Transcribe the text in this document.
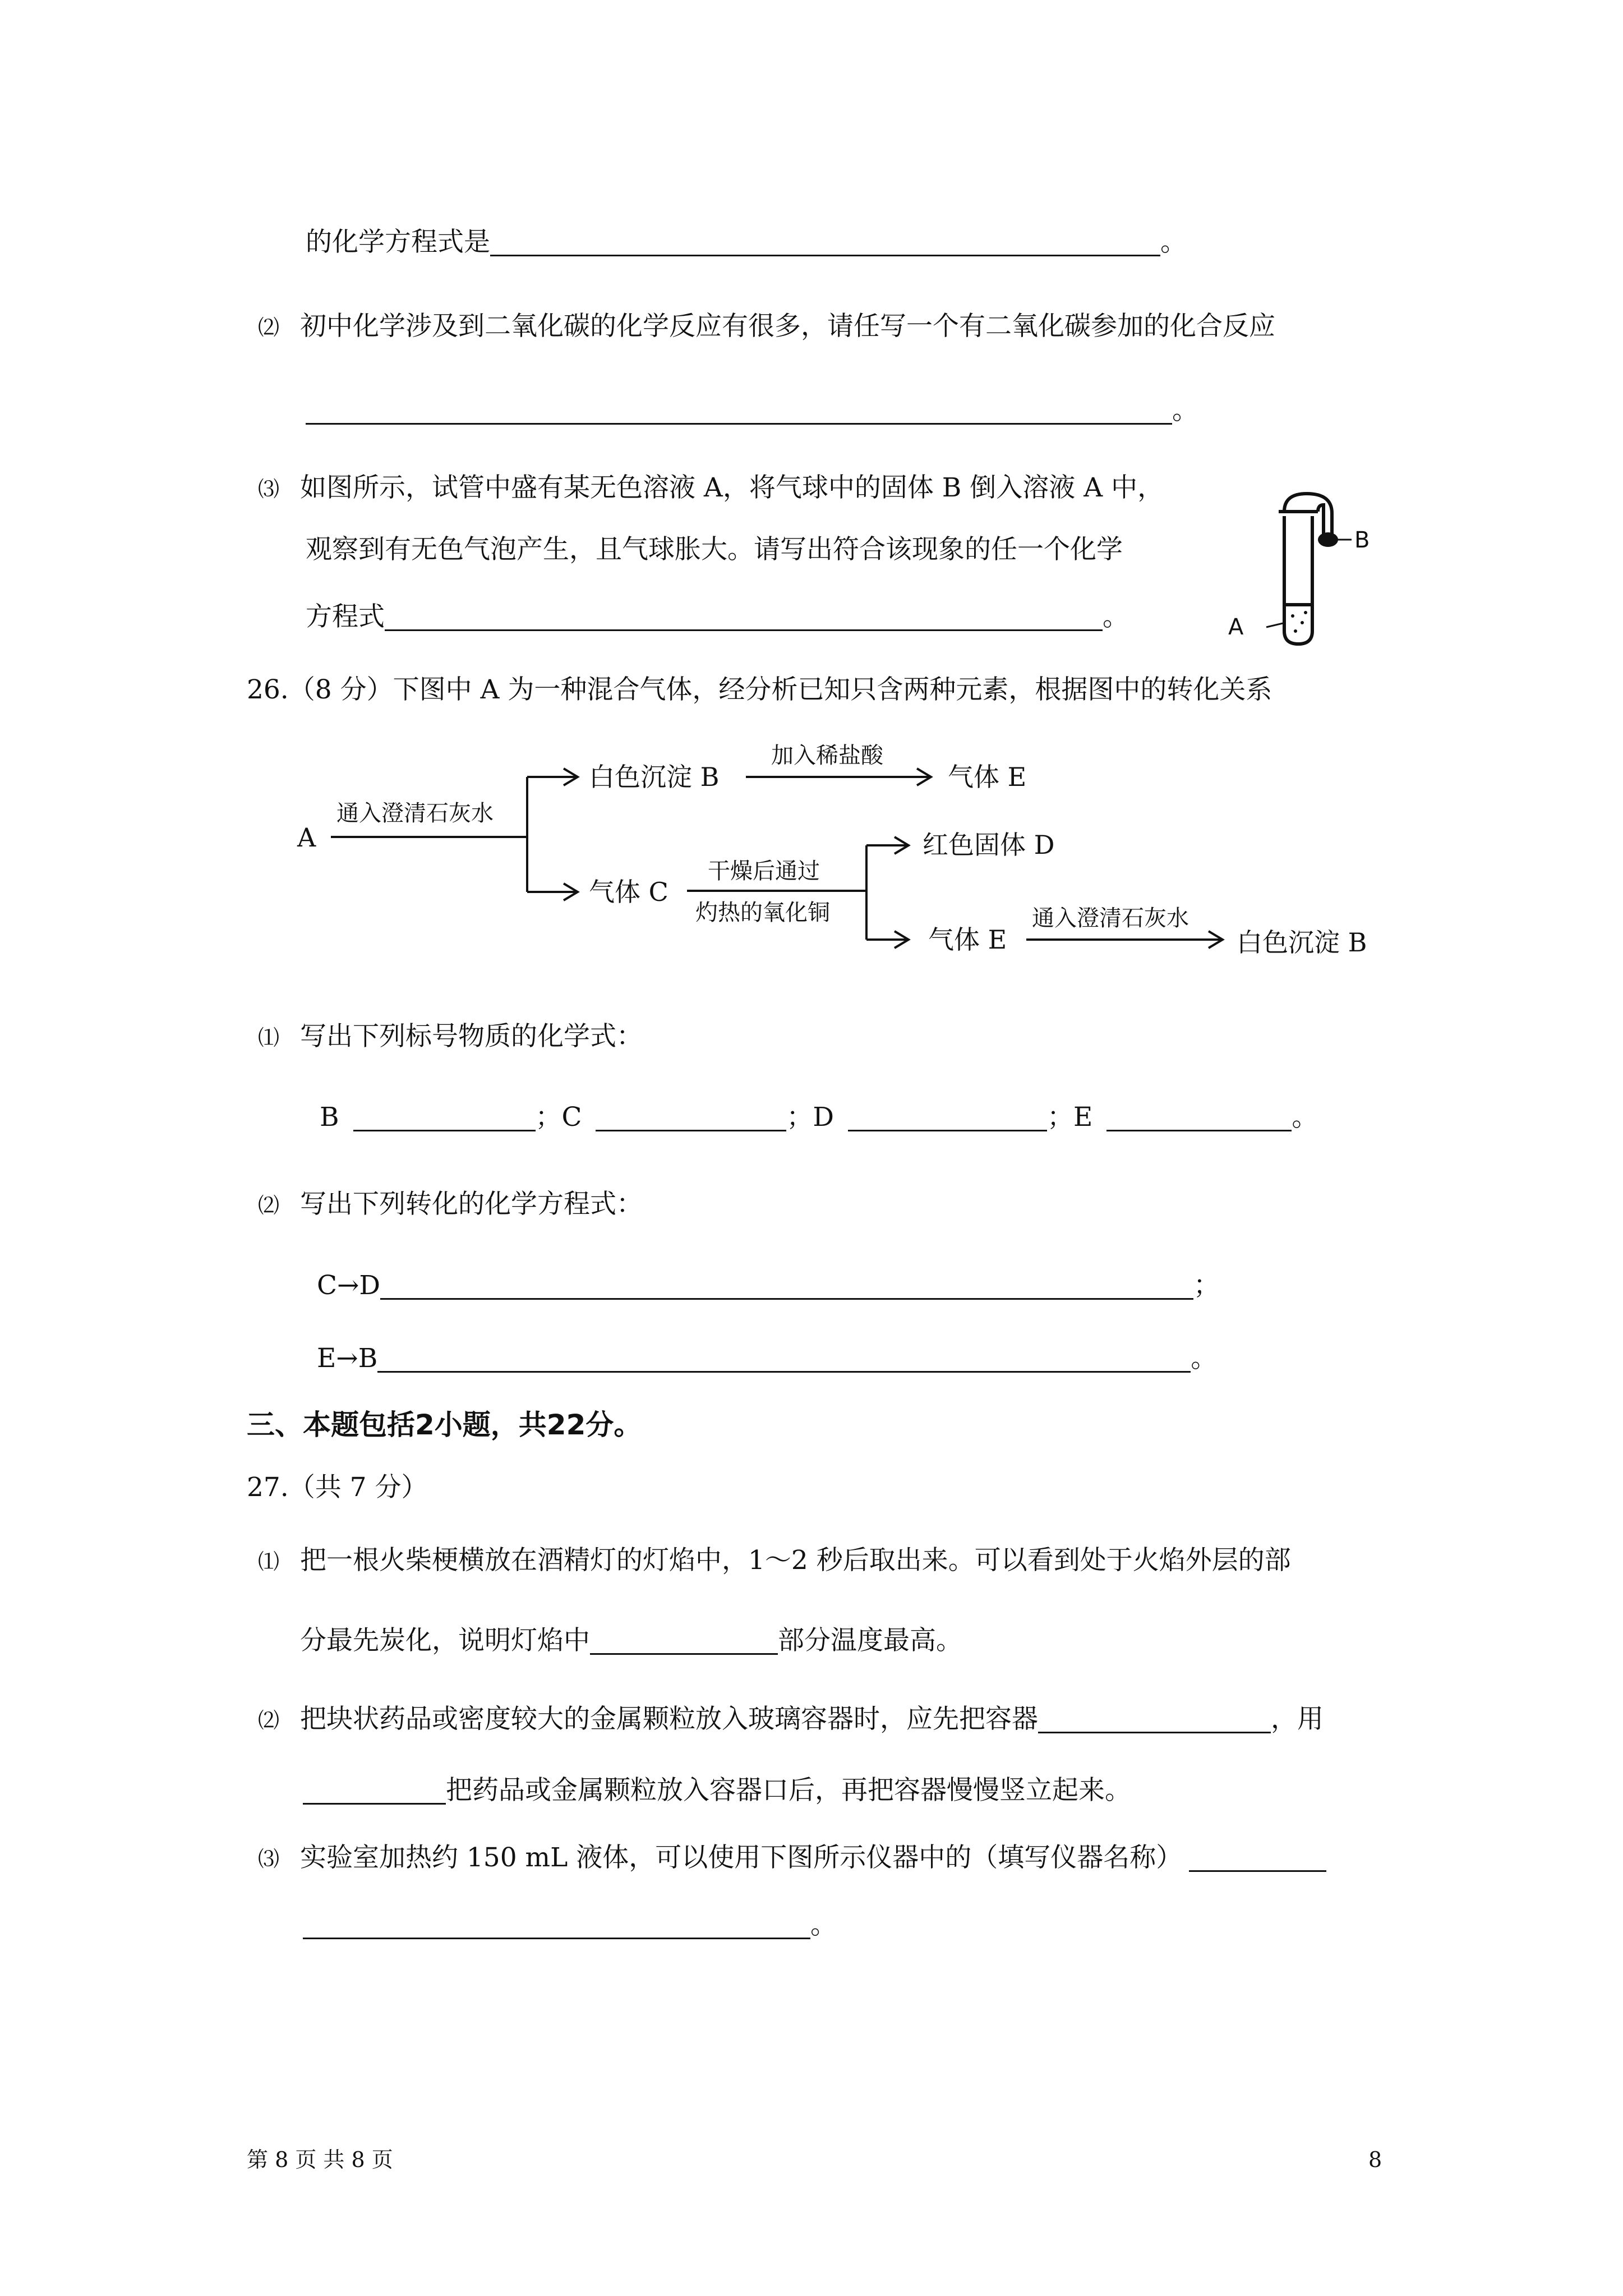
的化学方程式是	。
⑵ 初中化学涉及到二氧化碳的化学反应有很多，请任写一个有二氧化碳参加的化合反应
。
⑶ 如图所示，试管中盛有某无色溶液 A，将气球中的固体 B 倒入溶液 A 中，
观察到有无色气泡产生，且气球胀大。请写出符合该现象的任一个化学
方程式	。
B
A
26.（8 分）下图中 A 为一种混合气体，经分析已知只含两种元素，根据图中的转化关系
A
通入澄清石灰水
白色沉淀 B
加入稀盐酸
气体 E
气体 C
干燥后通过
灼热的氧化铜
红色固体 D
气体 E
通入澄清石灰水
白色沉淀 B
⑴ 写出下列标号物质的化学式：
B	；C	；D	；E	。
⑵ 写出下列转化的化学方程式：
C→D	；
E→B	。
三、本题包括2小题，共22分。
27.（共 7 分）
⑴ 把一根火柴梗横放在酒精灯的灯焰中，1～2 秒后取出来。可以看到处于火焰外层的部
分最先炭化，说明灯焰中	部分温度最高。
⑵ 把块状药品或密度较大的金属颗粒放入玻璃容器时，应先把容器	，用
把药品或金属颗粒放入容器口后，再把容器慢慢竖立起来。
⑶ 实验室加热约 150 mL 液体，可以使用下图所示仪器中的（填写仪器名称）
。
第 8 页 共 8 页	8
